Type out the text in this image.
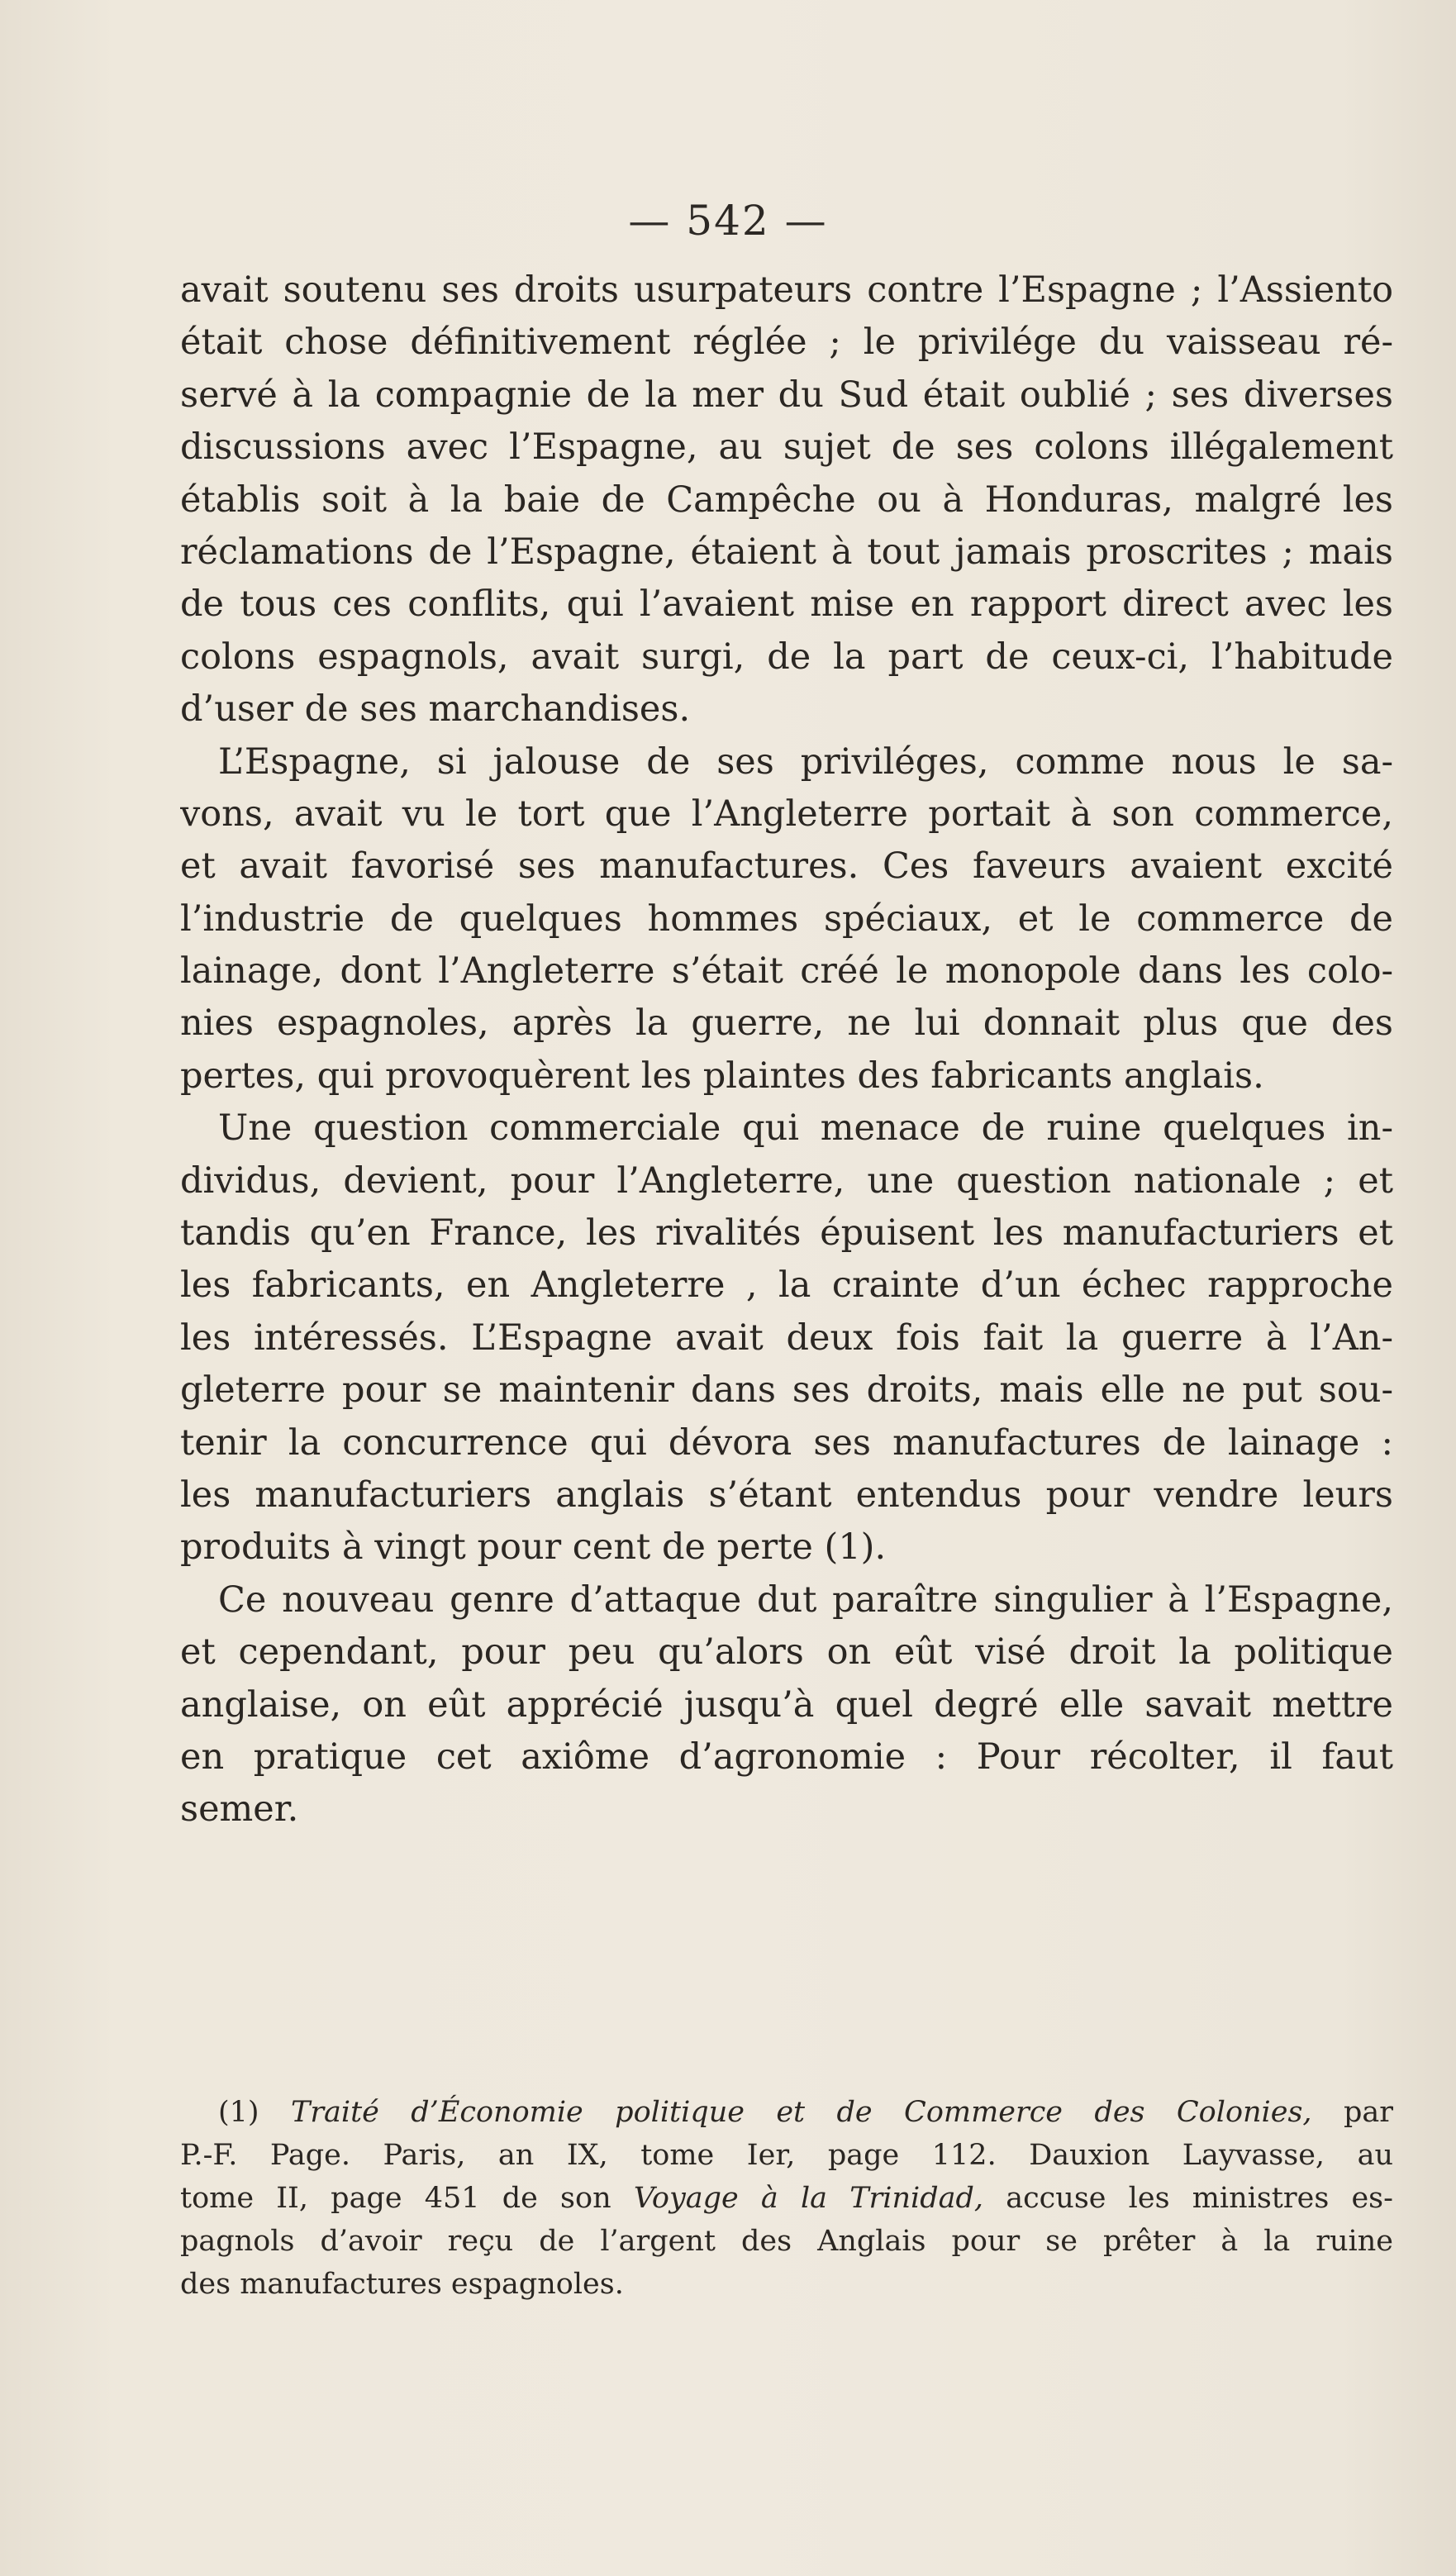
— 542 —
avait soutenu ses droits usurpateurs contre l’Espagne ; l’Assiento
était chose définitivement réglée ; le privilége du vaisseau ré-
servé à la compagnie de la mer du Sud était oublié ; ses diverses
discussions avec l’Espagne, au sujet de ses colons illégalement
établis soit à la baie de Campêche ou à Honduras, malgré les
réclamations de l’Espagne, étaient à tout jamais proscrites ; mais
de tous ces conflits, qui l’avaient mise en rapport direct avec les
colons espagnols, avait surgi, de la part de ceux-ci, l’habitude
d’user de ses marchandises.
L’Espagne, si jalouse de ses priviléges, comme nous le sa-
vons, avait vu le tort que l’Angleterre portait à son commerce,
et avait favorisé ses manufactures. Ces faveurs avaient excité
l’industrie de quelques hommes spéciaux, et le commerce de
lainage, dont l’Angleterre s’était créé le monopole dans les colo-
nies espagnoles, après la guerre, ne lui donnait plus que des
pertes, qui provoquèrent les plaintes des fabricants anglais.
Une question commerciale qui menace de ruine quelques in-
dividus, devient, pour l’Angleterre, une question nationale ; et
tandis qu’en France, les rivalités épuisent les manufacturiers et
les fabricants, en Angleterre , la crainte d’un échec rapproche
les intéressés. L’Espagne avait deux fois fait la guerre à l’An-
gleterre pour se maintenir dans ses droits, mais elle ne put sou-
tenir la concurrence qui dévora ses manufactures de lainage :
les manufacturiers anglais s’étant entendus pour vendre leurs
produits à vingt pour cent de perte (1).
Ce nouveau genre d’attaque dut paraître singulier à l’Espagne,
et cependant, pour peu qu’alors on eût visé droit la politique
anglaise, on eût apprécié jusqu’à quel degré elle savait mettre
en pratique cet axiôme d’agronomie : Pour récolter, il faut
semer.
(1) Traité d’Économie politique et de Commerce des Colonies, par
P.-F. Page. Paris, an IX, tome Ier, page 112. Dauxion Layvasse, au
tome II, page 451 de son Voyage à la Trinidad, accuse les ministres es-
pagnols d’avoir reçu de l’argent des Anglais pour se prêter à la ruine
des manufactures espagnoles.
